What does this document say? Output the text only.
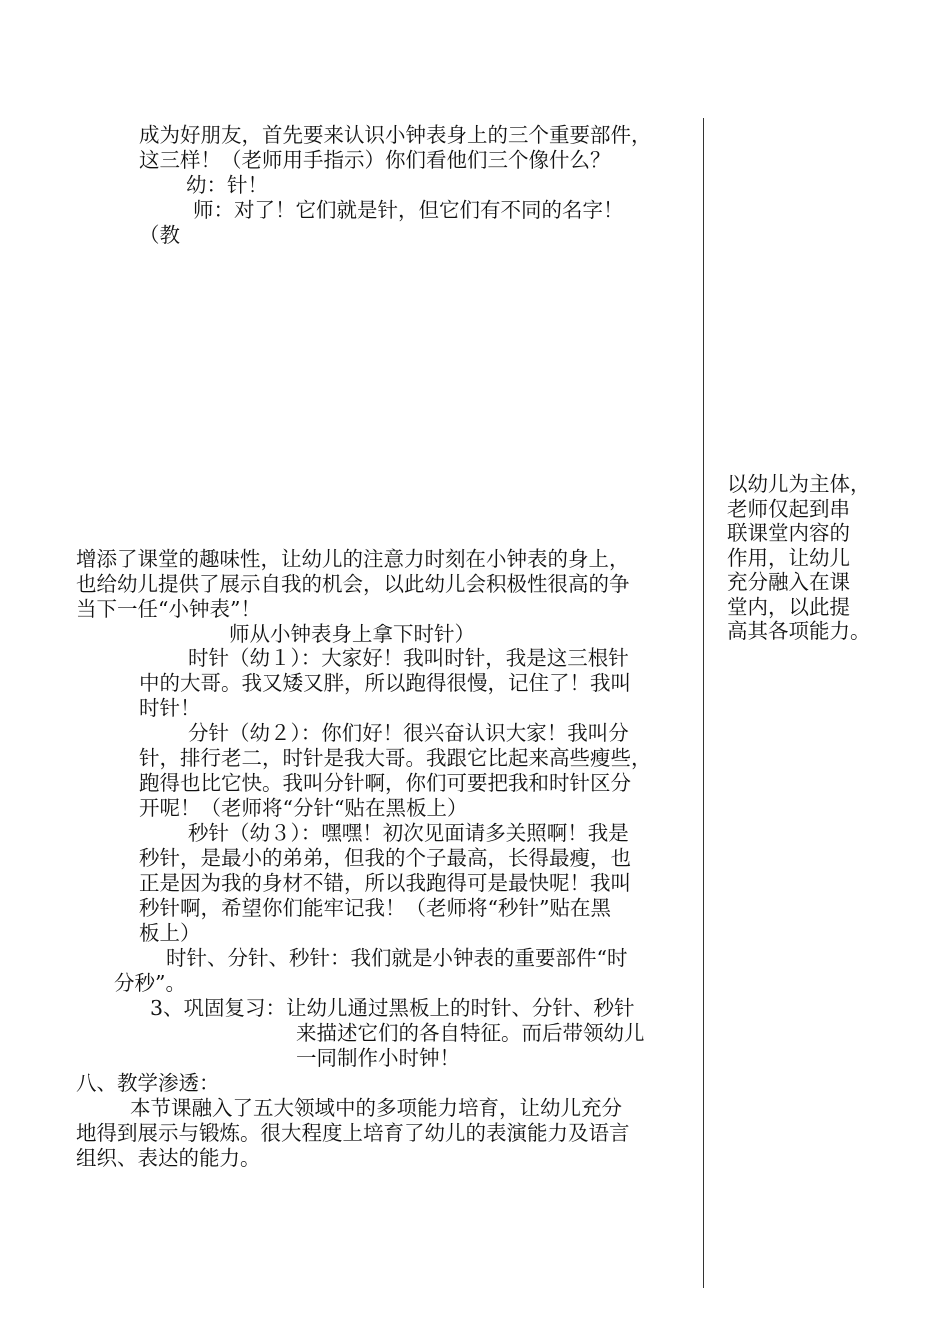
成为好朋友，首先要来认识小钟表身上的三个重要部件，
这三样！（老师用手指示）你们看他们三个像什么？
幼：针！
师：对了！它们就是针，但它们有不同的名字！
（教
增添了课堂的趣味性，让幼儿的注意力时刻在小钟表的身上，
也给幼儿提供了展示自我的机会，以此幼儿会积极性很高的争
当下一任“小钟表”！
师从小钟表身上拿下时针）
时针（幼１）：大家好！我叫时针，我是这三根针
中的大哥。我又矮又胖，所以跑得很慢，记住了！我叫
时针！
分针（幼２）：你们好！很兴奋认识大家！我叫分
针，排行老二，时针是我大哥。我跟它比起来高些瘦些，
跑得也比它快。我叫分针啊，你们可要把我和时针区分
开呢！（老师将“分针“贴在黑板上）
秒针（幼３）：嘿嘿！初次见面请多关照啊！我是
秒针，是最小的弟弟，但我的个子最高，长得最瘦，也
正是因为我的身材不错，所以我跑得可是最快呢！我叫
秒针啊，希望你们能牢记我！（老师将“秒针”贴在黑
板上）
时针、分针、秒针：我们就是小钟表的重要部件“时
分秒”。
3、巩固复习：让幼儿通过黑板上的时针、分针、秒针
来描述它们的各自特征。而后带领幼儿
一同制作小时钟！
八、教学渗透：
本节课融入了五大领域中的多项能力培育，让幼儿充分
地得到展示与锻炼。很大程度上培育了幼儿的表演能力及语言
组织、表达的能力。
以幼儿为主体，
老师仅起到串
联课堂内容的
作用，让幼儿
充分融入在课
堂内，以此提
高其各项能力。
